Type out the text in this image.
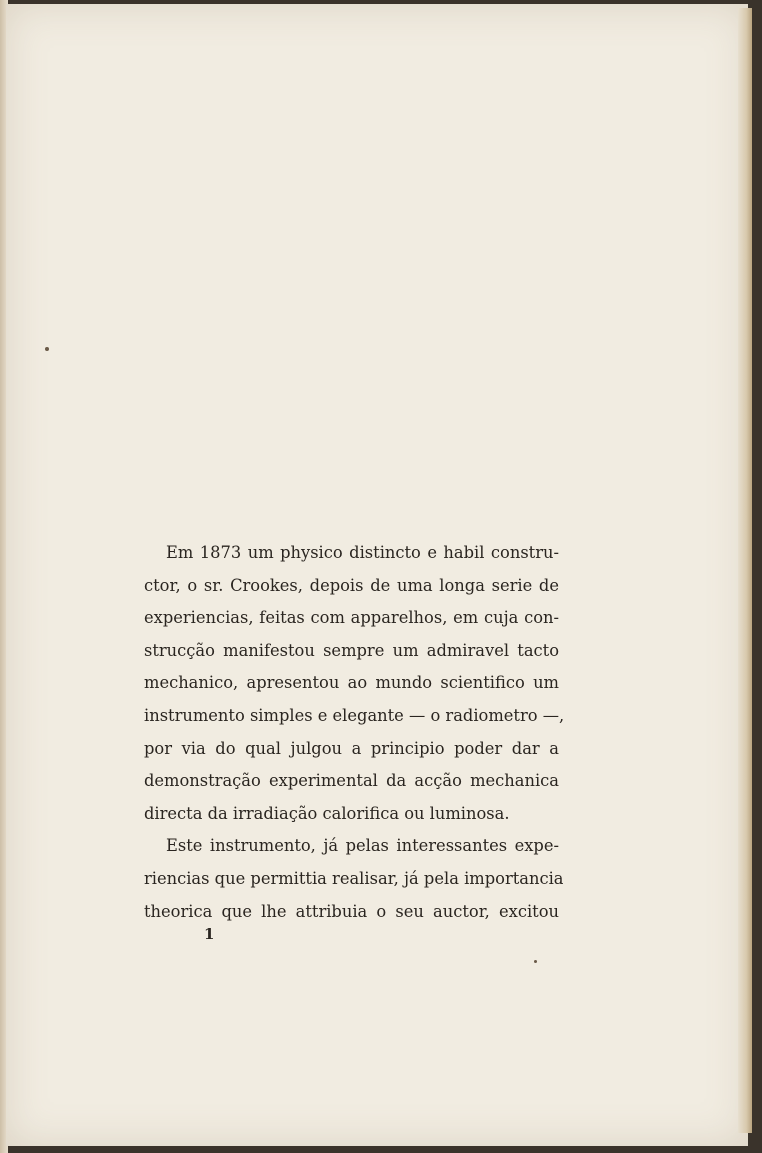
Em 1873 um physico distincto e habil constru-
ctor, o sr. Crookes, depois de uma longa serie de
experiencias, feitas com apparelhos, em cuja con-
strucção manifestou sempre um admiravel tacto
mechanico, apresentou ao mundo scientifico um
instrumento simples e elegante — o radiometro —,
por via do qual julgou a principio poder dar a
demonstração experimental da acção mechanica
directa da irradiação calorifica ou luminosa.
Este instrumento, já pelas interessantes expe-
riencias que permittia realisar, já pela importancia
theorica que lhe attribuia o seu auctor, excitou
1
